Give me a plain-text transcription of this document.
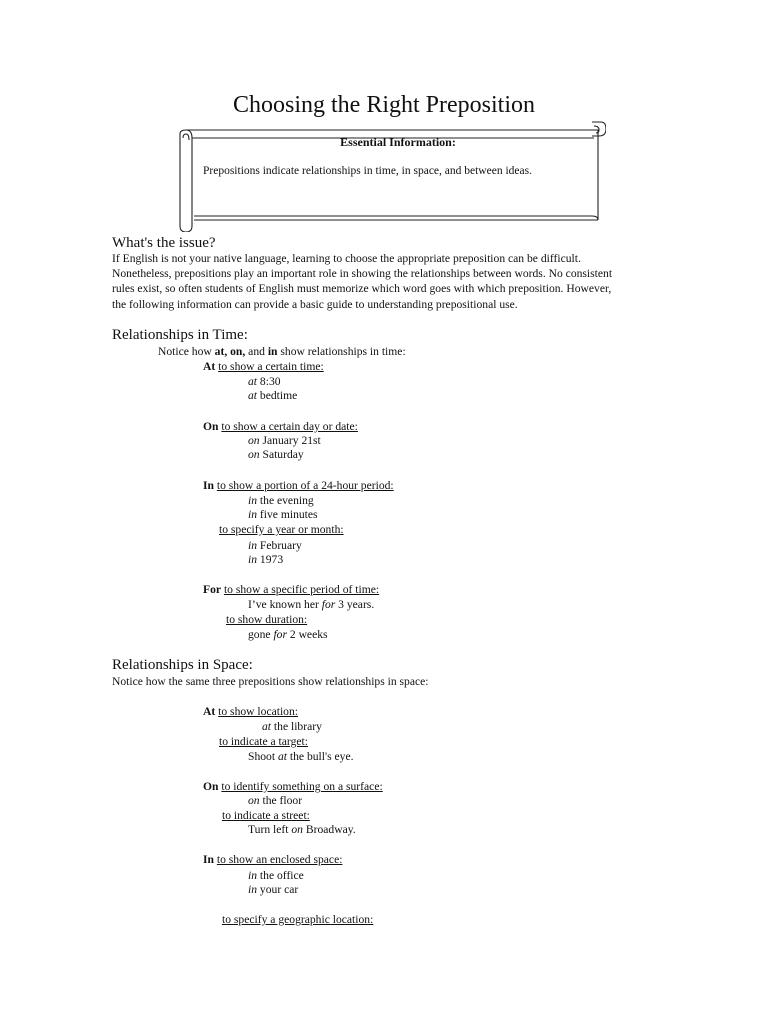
Choosing the Right Preposition
Essential Information:
Prepositions indicate relationships in time, in space, and between ideas.
What's the issue?
If English is not your native language, learning to choose the appropriate preposition can be difficult.
Nonetheless, prepositions play an important role in showing the relationships between words. No consistent
rules exist, so often students of English must memorize which word goes with which preposition. However,
the following information can provide a basic guide to understanding prepositional use.
Relationships in Time:
Notice how at, on, and in show relationships in time:
At to show a certain time:
at 8:30
at bedtime
On to show a certain day or date:
on January 21st
on Saturday
In to show a portion of a 24-hour period:
in the evening
in five minutes
to specify a year or month:
in February
in 1973
For to show a specific period of time:
I’ve known her for 3 years.
to show duration:
gone for 2 weeks
Relationships in Space:
Notice how the same three prepositions show relationships in space:
At to show location:
at the library
to indicate a target:
Shoot at the bull's eye.
On to identify something on a surface:
on the floor
to indicate a street:
Turn left on Broadway.
In to show an enclosed space:
in the office
in your car
to specify a geographic location:
